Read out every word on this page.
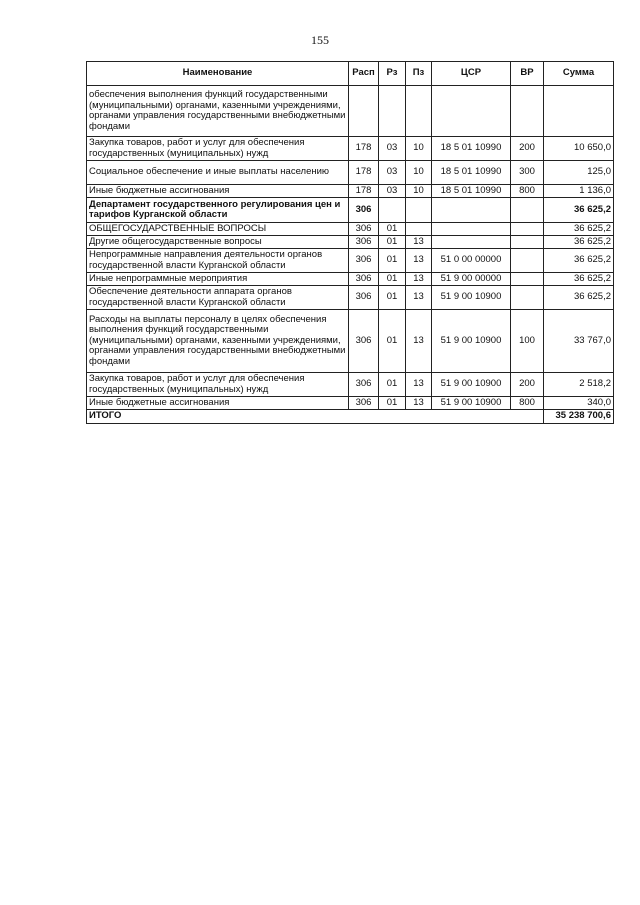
155
Наименование	Расп	Рз	Пз	ЦСР	ВР	Сумма
обеспечения выполнения функций государственными (муниципальными) органами, казенными учреждениями, органами управления государственными внебюджетными фондами						
Закупка товаров, работ и услуг для обеспечения государственных (муниципальных) нужд	178	03	10	18 5 01 10990	200	10 650,0
Социальное обеспечение и иные выплаты населению	178	03	10	18 5 01 10990	300	125,0
Иные бюджетные ассигнования	178	03	10	18 5 01 10990	800	1 136,0
Департамент государственного регулирования цен и тарифов Курганской области	306					36 625,2
ОБЩЕГОСУДАРСТВЕННЫЕ ВОПРОСЫ	306	01				36 625,2
Другие общегосударственные вопросы	306	01	13			36 625,2
Непрограммные направления деятельности органов государственной власти Курганской области	306	01	13	51 0 00 00000		36 625,2
Иные непрограммные мероприятия	306	01	13	51 9 00 00000		36 625,2
Обеспечение деятельности аппарата органов государственной власти Курганской области	306	01	13	51 9 00 10900		36 625,2
Расходы на выплаты персоналу в целях обеспечения выполнения функций государственными (муниципальными) органами, казенными учреждениями, органами управления государственными внебюджетными фондами	306	01	13	51 9 00 10900	100	33 767,0
Закупка товаров, работ и услуг для обеспечения государственных (муниципальных) нужд	306	01	13	51 9 00 10900	200	2 518,2
Иные бюджетные ассигнования	306	01	13	51 9 00 10900	800	340,0
ИТОГО						35 238 700,6
